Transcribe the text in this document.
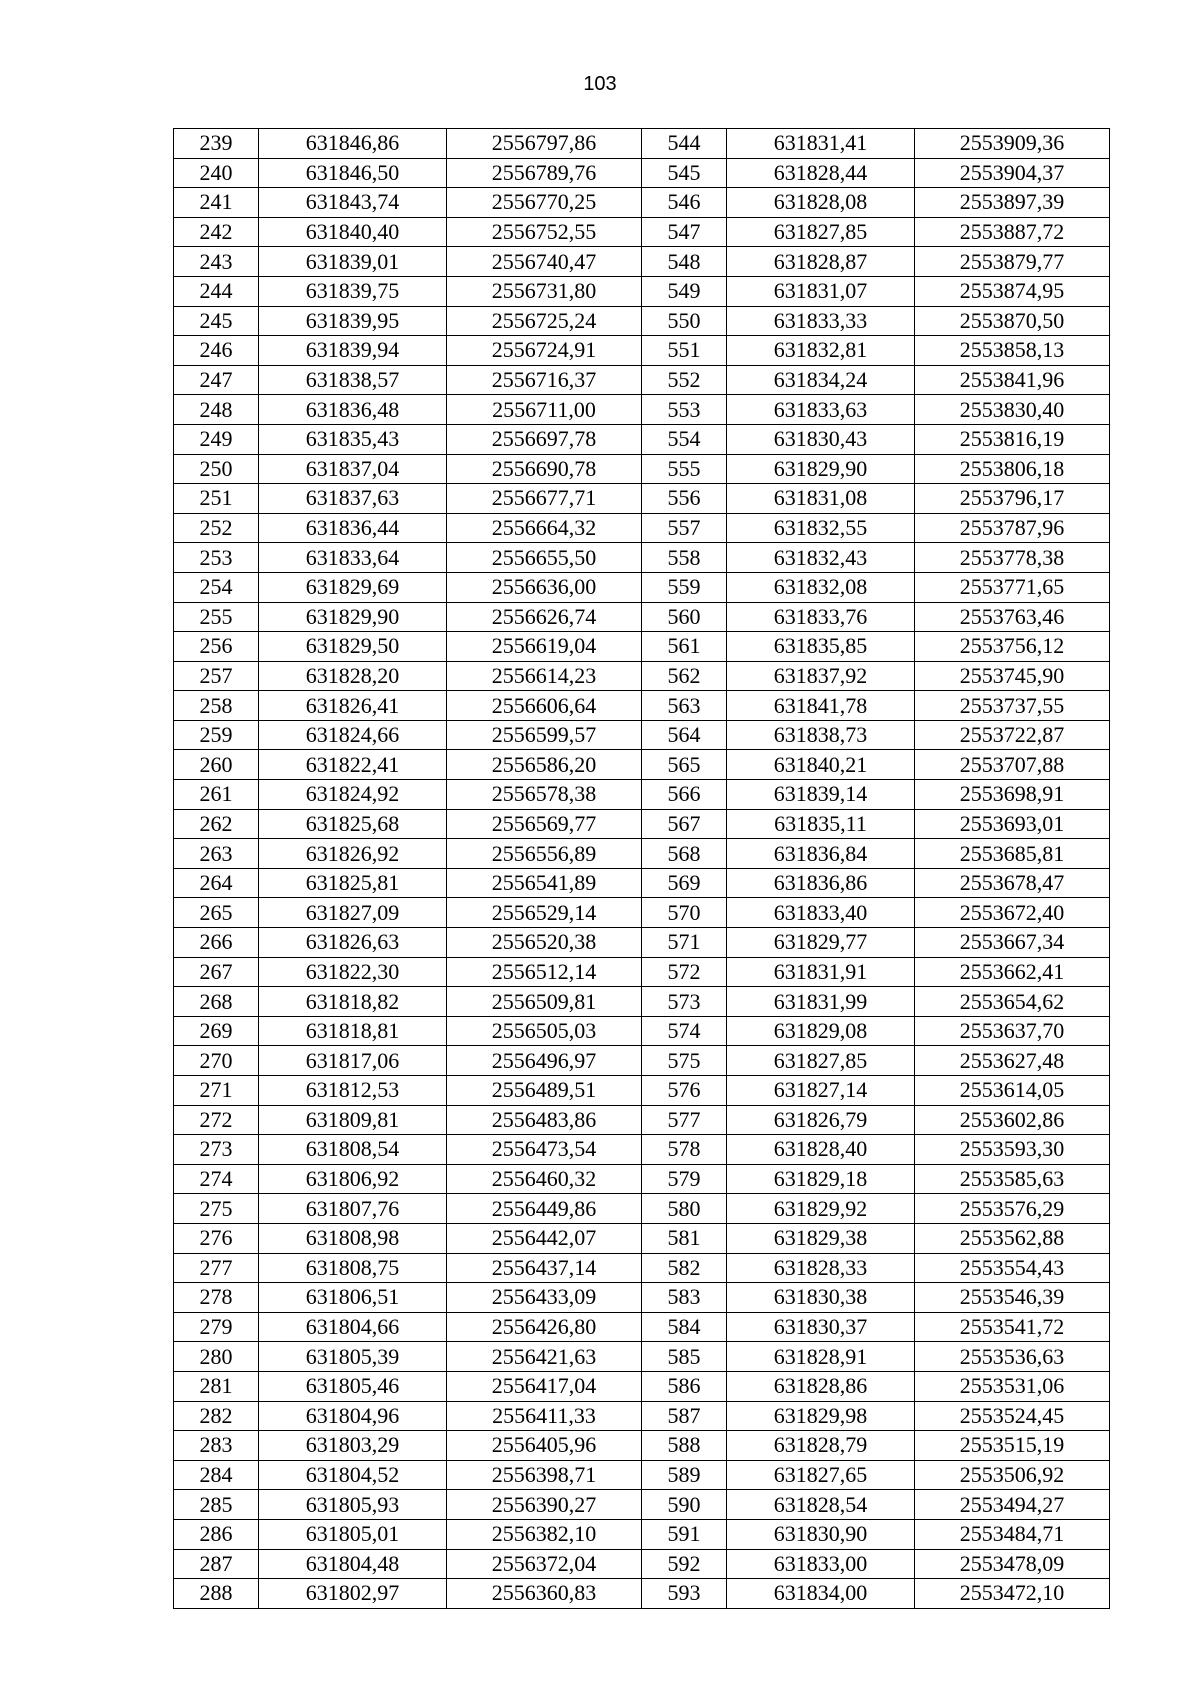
103
239	631846,86	2556797,86	544	631831,41	2553909,36
240	631846,50	2556789,76	545	631828,44	2553904,37
241	631843,74	2556770,25	546	631828,08	2553897,39
242	631840,40	2556752,55	547	631827,85	2553887,72
243	631839,01	2556740,47	548	631828,87	2553879,77
244	631839,75	2556731,80	549	631831,07	2553874,95
245	631839,95	2556725,24	550	631833,33	2553870,50
246	631839,94	2556724,91	551	631832,81	2553858,13
247	631838,57	2556716,37	552	631834,24	2553841,96
248	631836,48	2556711,00	553	631833,63	2553830,40
249	631835,43	2556697,78	554	631830,43	2553816,19
250	631837,04	2556690,78	555	631829,90	2553806,18
251	631837,63	2556677,71	556	631831,08	2553796,17
252	631836,44	2556664,32	557	631832,55	2553787,96
253	631833,64	2556655,50	558	631832,43	2553778,38
254	631829,69	2556636,00	559	631832,08	2553771,65
255	631829,90	2556626,74	560	631833,76	2553763,46
256	631829,50	2556619,04	561	631835,85	2553756,12
257	631828,20	2556614,23	562	631837,92	2553745,90
258	631826,41	2556606,64	563	631841,78	2553737,55
259	631824,66	2556599,57	564	631838,73	2553722,87
260	631822,41	2556586,20	565	631840,21	2553707,88
261	631824,92	2556578,38	566	631839,14	2553698,91
262	631825,68	2556569,77	567	631835,11	2553693,01
263	631826,92	2556556,89	568	631836,84	2553685,81
264	631825,81	2556541,89	569	631836,86	2553678,47
265	631827,09	2556529,14	570	631833,40	2553672,40
266	631826,63	2556520,38	571	631829,77	2553667,34
267	631822,30	2556512,14	572	631831,91	2553662,41
268	631818,82	2556509,81	573	631831,99	2553654,62
269	631818,81	2556505,03	574	631829,08	2553637,70
270	631817,06	2556496,97	575	631827,85	2553627,48
271	631812,53	2556489,51	576	631827,14	2553614,05
272	631809,81	2556483,86	577	631826,79	2553602,86
273	631808,54	2556473,54	578	631828,40	2553593,30
274	631806,92	2556460,32	579	631829,18	2553585,63
275	631807,76	2556449,86	580	631829,92	2553576,29
276	631808,98	2556442,07	581	631829,38	2553562,88
277	631808,75	2556437,14	582	631828,33	2553554,43
278	631806,51	2556433,09	583	631830,38	2553546,39
279	631804,66	2556426,80	584	631830,37	2553541,72
280	631805,39	2556421,63	585	631828,91	2553536,63
281	631805,46	2556417,04	586	631828,86	2553531,06
282	631804,96	2556411,33	587	631829,98	2553524,45
283	631803,29	2556405,96	588	631828,79	2553515,19
284	631804,52	2556398,71	589	631827,65	2553506,92
285	631805,93	2556390,27	590	631828,54	2553494,27
286	631805,01	2556382,10	591	631830,90	2553484,71
287	631804,48	2556372,04	592	631833,00	2553478,09
288	631802,97	2556360,83	593	631834,00	2553472,10
